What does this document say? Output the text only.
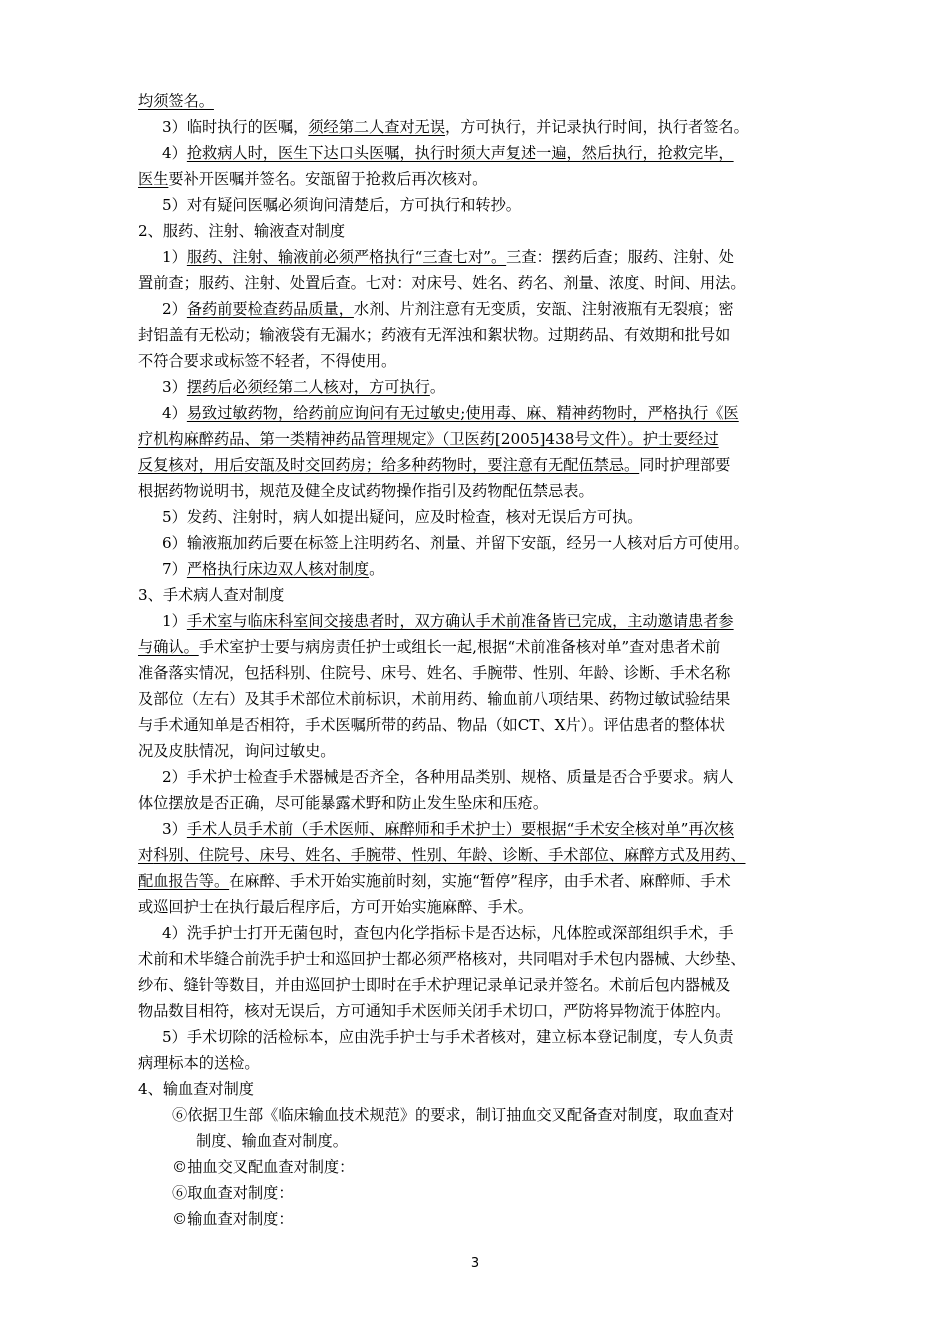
均须签名。
3）临时执行的医嘱，须经第二人查对无误，方可执行，并记录执行时间，执行者签名。
4）抢救病人时，医生下达口头医嘱，执行时须大声复述一遍，然后执行，抢救完毕，
医生要补开医嘱并签名。安瓿留于抢救后再次核对。
5）对有疑问医嘱必须询问清楚后，方可执行和转抄。
2、服药、注射、输液查对制度
1）服药、注射、输液前必须严格执行“三查七对”。三查：摆药后查；服药、注射、处
置前查；服药、注射、处置后查。七对：对床号、姓名、药名、剂量、浓度、时间、用法。
2）备药前要检查药品质量，水剂、片剂注意有无变质，安瓿、注射液瓶有无裂痕；密
封铝盖有无松动；输液袋有无漏水；药液有无浑浊和絮状物。过期药品、有效期和批号如
不符合要求或标签不轻者，不得使用。
3）摆药后必须经第二人核对，方可执行。
4）易致过敏药物，给药前应询问有无过敏史;使用毒、麻、精神药物时，严格执行《医
疗机构麻醉药品、第一类精神药品管理规定》（卫医药[2005]438号文件）。护士要经过
反复核对，用后安瓿及时交回药房；给多种药物时，要注意有无配伍禁忌。同时护理部要
根据药物说明书，规范及健全皮试药物操作指引及药物配伍禁忌表。
5）发药、注射时，病人如提出疑问，应及时检查，核对无误后方可执。
6）输液瓶加药后要在标签上注明药名、剂量、并留下安瓿，经另一人核对后方可使用。
7）严格执行床边双人核对制度。
3、手术病人查对制度
1）手术室与临床科室间交接患者时，双方确认手术前准备皆已完成，主动邀请患者参
与确认。手术室护士要与病房责任护士或组长一起,根据“术前准备核对单”查对患者术前
准备落实情况，包括科别、住院号、床号、姓名、手腕带、性别、年龄、诊断、手术名称
及部位（左右）及其手术部位术前标识，术前用药、输血前八项结果、药物过敏试验结果
与手术通知单是否相符，手术医嘱所带的药品、物品（如CT、X片）。评估患者的整体状
况及皮肤情况，询问过敏史。
2）手术护士检查手术器械是否齐全，各种用品类别、规格、质量是否合乎要求。病人
体位摆放是否正确，尽可能暴露术野和防止发生坠床和压疮。
3）手术人员手术前（手术医师、麻醉师和手术护士）要根据“手术安全核对单”再次核
对科别、住院号、床号、姓名、手腕带、性别、年龄、诊断、手术部位、麻醉方式及用药、
配血报告等。在麻醉、手术开始实施前时刻，实施“暂停”程序，由手术者、麻醉师、手术
或巡回护士在执行最后程序后，方可开始实施麻醉、手术。
4）洗手护士打开无菌包时，查包内化学指标卡是否达标，凡体腔或深部组织手术，手
术前和术毕缝合前洗手护士和巡回护士都必须严格核对，共同唱对手术包内器械、大纱垫、
纱布、缝针等数目，并由巡回护士即时在手术护理记录单记录并签名。术前后包内器械及
物品数目相符，核对无误后，方可通知手术医师关闭手术切口，严防将异物流于体腔内。
5）手术切除的活检标本，应由洗手护士与手术者核对，建立标本登记制度，专人负责
病理标本的送检。
4、输血查对制度
⑥依据卫生部《临床输血技术规范》的要求，制订抽血交叉配备查对制度，取血查对
制度、输血查对制度。
©抽血交叉配血查对制度：
⑥取血查对制度：
©输血查对制度：
3
